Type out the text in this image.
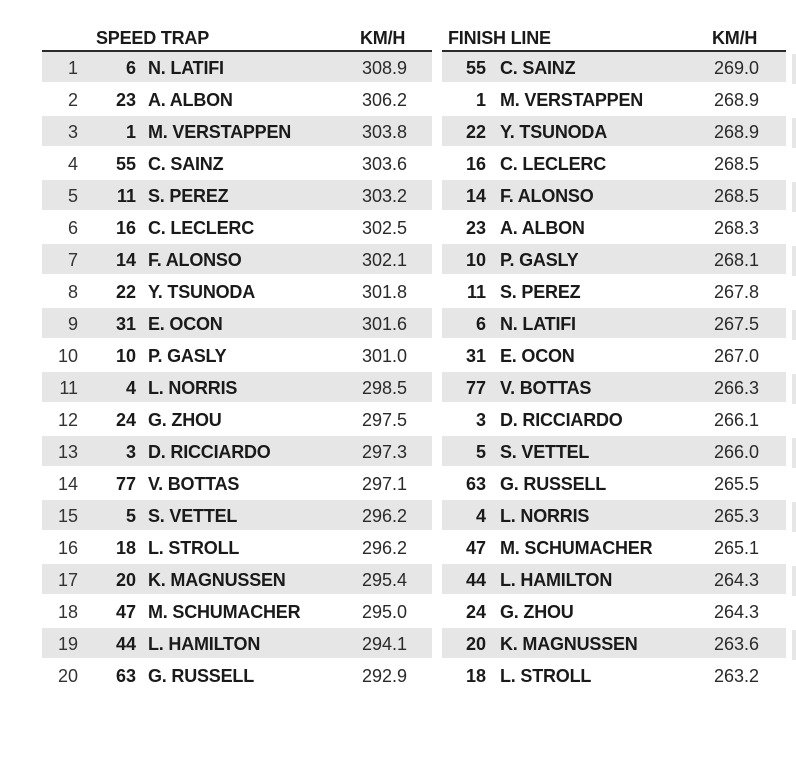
SPEED TRAP	KM/H
1	6 N. LATIFI	308.9
2	23 A. ALBON	306.2
3	1 M. VERSTAPPEN	303.8
4	55 C. SAINZ	303.6
5	11 S. PEREZ	303.2
6	16 C. LECLERC	302.5
7	14 F. ALONSO	302.1
8	22 Y. TSUNODA	301.8
9	31 E. OCON	301.6
10	10 P. GASLY	301.0
11	4 L. NORRIS	298.5
12	24 G. ZHOU	297.5
13	3 D. RICCIARDO	297.3
14	77 V. BOTTAS	297.1
15	5 S. VETTEL	296.2
16	18 L. STROLL	296.2
17	20 K. MAGNUSSEN	295.4
18	47 M. SCHUMACHER	295.0
19	44 L. HAMILTON	294.1
20	63 G. RUSSELL	292.9
FINISH LINE	KM/H
55 C. SAINZ	269.0
1 M. VERSTAPPEN	268.9
22 Y. TSUNODA	268.9
16 C. LECLERC	268.5
14 F. ALONSO	268.5
23 A. ALBON	268.3
10 P. GASLY	268.1
11 S. PEREZ	267.8
6 N. LATIFI	267.5
31 E. OCON	267.0
77 V. BOTTAS	266.3
3 D. RICCIARDO	266.1
5 S. VETTEL	266.0
63 G. RUSSELL	265.5
4 L. NORRIS	265.3
47 M. SCHUMACHER	265.1
44 L. HAMILTON	264.3
24 G. ZHOU	264.3
20 K. MAGNUSSEN	263.6
18 L. STROLL	263.2
